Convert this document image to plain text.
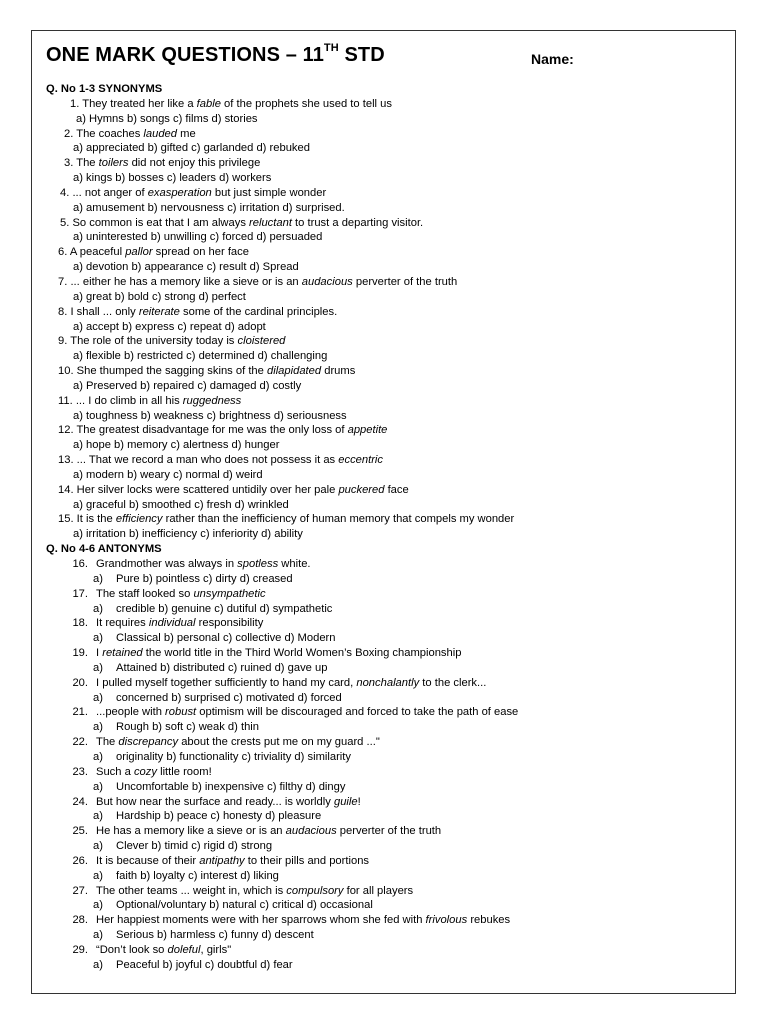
ONE MARK QUESTIONS – 11TH STD	Name:
Q. No 1-3 SYNONYMS
1. They treated her like a fable of the prophets she used to tell us
a) Hymns b) songs c) films d) stories
2. The coaches lauded me
a) appreciated b) gifted c) garlanded d) rebuked
3. The toilers did not enjoy this privilege
a) kings b) bosses c) leaders d) workers
4. ... not anger of exasperation but just simple wonder
a) amusement b) nervousness c) irritation d) surprised.
5. So common is eat that I am always reluctant to trust a departing visitor.
a) uninterested b) unwilling c) forced d) persuaded
6. A peaceful pallor spread on her face
a) devotion b) appearance c) result d) Spread
7. ... either he has a memory like a sieve or is an audacious perverter of the truth
a) great b) bold c) strong d) perfect
8. I shall ... only reiterate some of the cardinal principles.
a) accept b) express c) repeat d) adopt
9. The role of the university today is cloistered
a) flexible b) restricted c) determined d) challenging
10. She thumped the sagging skins of the dilapidated drums
a) Preserved b) repaired c) damaged d) costly
11. ... I do climb in all his ruggedness
a) toughness b) weakness c) brightness d) seriousness
12. The greatest disadvantage for me was the only loss of appetite
a) hope b) memory c) alertness d) hunger
13. ... That we record a man who does not possess it as eccentric
a) modern b) weary c) normal d) weird
14. Her silver locks were scattered untidily over her pale puckered face
a) graceful b) smoothed c) fresh d) wrinkled
15. It is the efficiency rather than the inefficiency of human memory that compels my wonder
a) irritation b) inefficiency c) inferiority d) ability
Q. No 4-6 ANTONYMS
16. Grandmother was always in spotless white.
a) Pure b) pointless c) dirty d) creased
17. The staff looked so unsympathetic
a) credible b) genuine c) dutiful d) sympathetic
18. It requires individual responsibility
a) Classical b) personal c) collective d) Modern
19. I retained the world title in the Third World Women’s Boxing championship
a) Attained b) distributed c) ruined d) gave up
20. I pulled myself together sufficiently to hand my card, nonchalantly to the clerk...
a) concerned b) surprised c) motivated d) forced
21. ...people with robust optimism will be discouraged and forced to take the path of ease
a) Rough b) soft c) weak d) thin
22. The discrepancy about the crests put me on my guard ..."
a) originality b) functionality c) triviality d) similarity
23. Such a cozy little room!
a) Uncomfortable b) inexpensive c) filthy d) dingy
24. But how near the surface and ready... is worldly guile!
a) Hardship b) peace c) honesty d) pleasure
25. He has a memory like a sieve or is an audacious perverter of the truth
a) Clever b) timid c) rigid d) strong
26. It is because of their antipathy to their pills and portions
a) faith b) loyalty c) interest d) liking
27. The other teams ... weight in, which is compulsory for all players
a) Optional/voluntary b) natural c) critical d) occasional
28. Her happiest moments were with her sparrows whom she fed with frivolous rebukes
a) Serious b) harmless c) funny d) descent
29. “Don’t look so doleful, girls"
a) Peaceful b) joyful c) doubtful d) fear
